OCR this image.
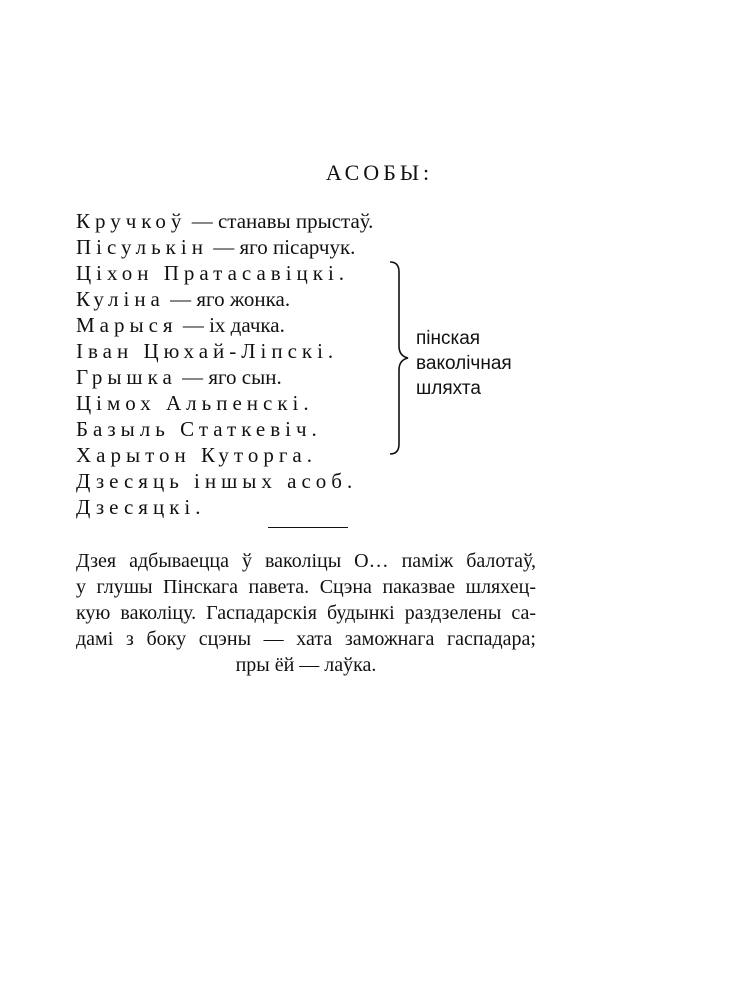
АСОБЫ:
Кручкоў — станавы прыстаў.
Пісулькін — яго пісарчук.
Ціхон Пратасавіцкі.
Куліна — яго жонка.
Марыся — іх дачка.
Іван Цюхай-Ліпскі.
Грышка — яго сын.
Цімох Альпенскі.
Базыль Статкевіч.
Харытон Куторга.
Дзесяць іншых асоб.
Дзесяцкі.
пінская
ваколічная
шляхта
Дзея адбываецца ў ваколіцы О… паміж балотаў,
у глушы Пінскага павета. Сцэна паказвае шляхец-
кую ваколіцу. Гаспадарскія будынкі раздзелены са-
дамі з боку сцэны — хата заможнага гаспадара;
пры ёй — лаўка.
